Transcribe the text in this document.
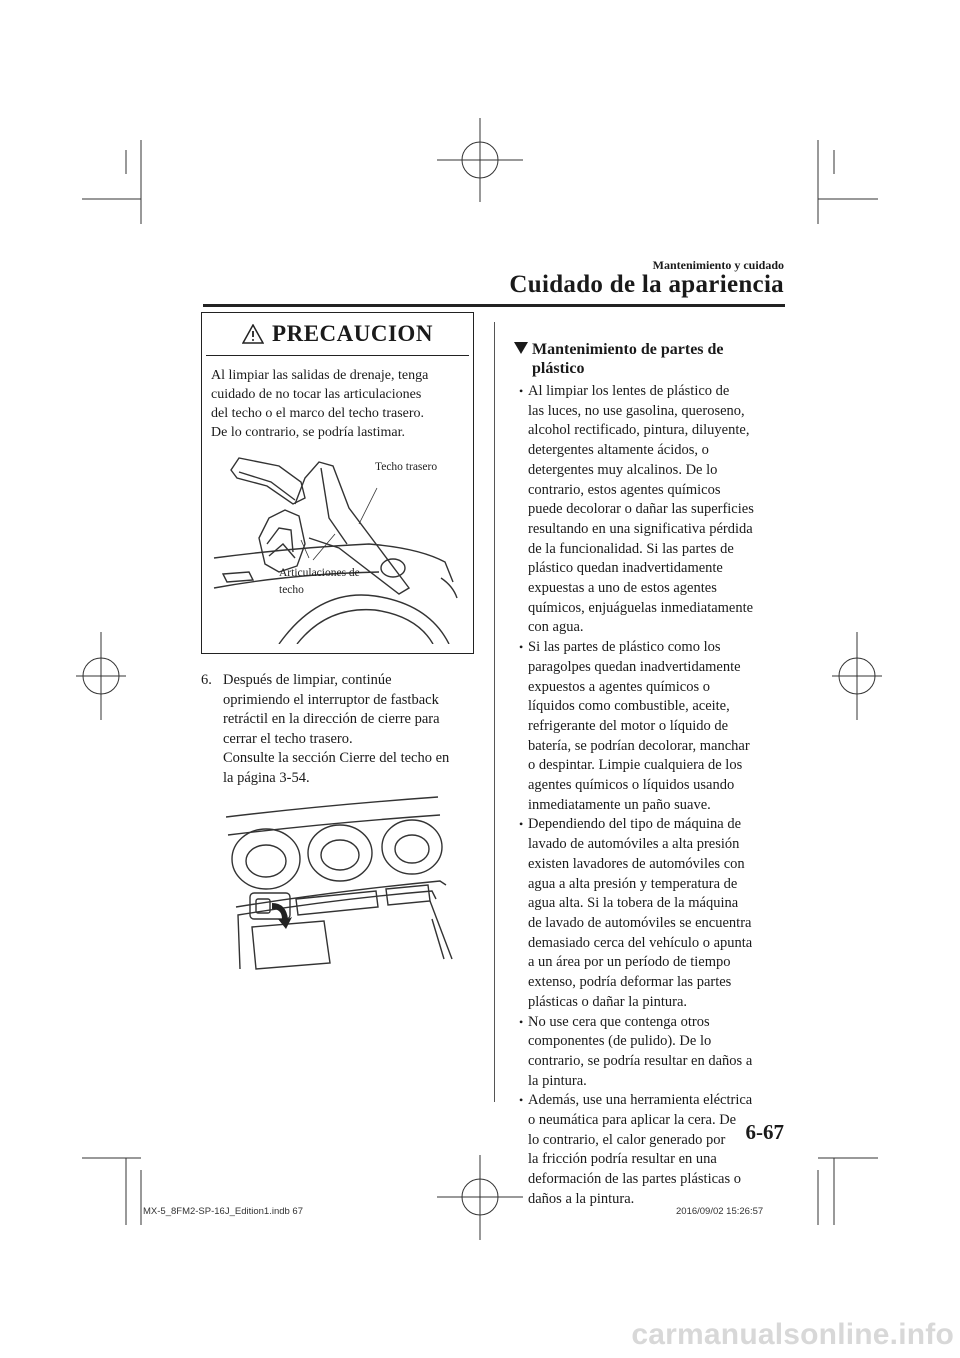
Mantenimiento y cuidado
Cuidado de la apariencia
PRECAUCION
Al limpiar las salidas de drenaje, tenga
cuidado de no tocar las articulaciones
del techo o el marco del techo trasero.
De lo contrario, se podría lastimar.
Techo trasero
Articulaciones de
techo
6. Después de limpiar, continúe
oprimiendo el interruptor de fastback
retráctil en la dirección de cierre para
cerrar el techo trasero.
Consulte la sección Cierre del techo en
la página 3-54.
Mantenimiento de partes de
plástico
• Al limpiar los lentes de plástico de
las luces, no use gasolina, queroseno,
alcohol rectificado, pintura, diluyente,
detergentes altamente ácidos, o
detergentes muy alcalinos. De lo
contrario, estos agentes químicos
puede decolorar o dañar las superficies
resultando en una significativa pérdida
de la funcionalidad. Si las partes de
plástico quedan inadvertidamente
expuestas a uno de estos agentes
químicos, enjuáguelas inmediatamente
con agua.
• Si las partes de plástico como los
paragolpes quedan inadvertidamente
expuestos a agentes químicos o
líquidos como combustible, aceite,
refrigerante del motor o líquido de
batería, se podrían decolorar, manchar
o despintar. Limpie cualquiera de los
agentes químicos o líquidos usando
inmediatamente un paño suave.
• Dependiendo del tipo de máquina de
lavado de automóviles a alta presión
existen lavadores de automóviles con
agua a alta presión y temperatura de
agua alta. Si la tobera de la máquina
de lavado de automóviles se encuentra
demasiado cerca del vehículo o apunta
a un área por un período de tiempo
extenso, podría deformar las partes
plásticas o dañar la pintura.
• No use cera que contenga otros
componentes (de pulido). De lo
contrario, se podría resultar en daños a
la pintura.
• Además, use una herramienta eléctrica
o neumática para aplicar la cera. De
lo contrario, el calor generado por
la fricción podría resultar en una
deformación de las partes plásticas o
daños a la pintura.
6-67
MX-5_8FM2-SP-16J_Edition1.indb 67	2016/09/02 15:26:57
carmanualsonline.info
